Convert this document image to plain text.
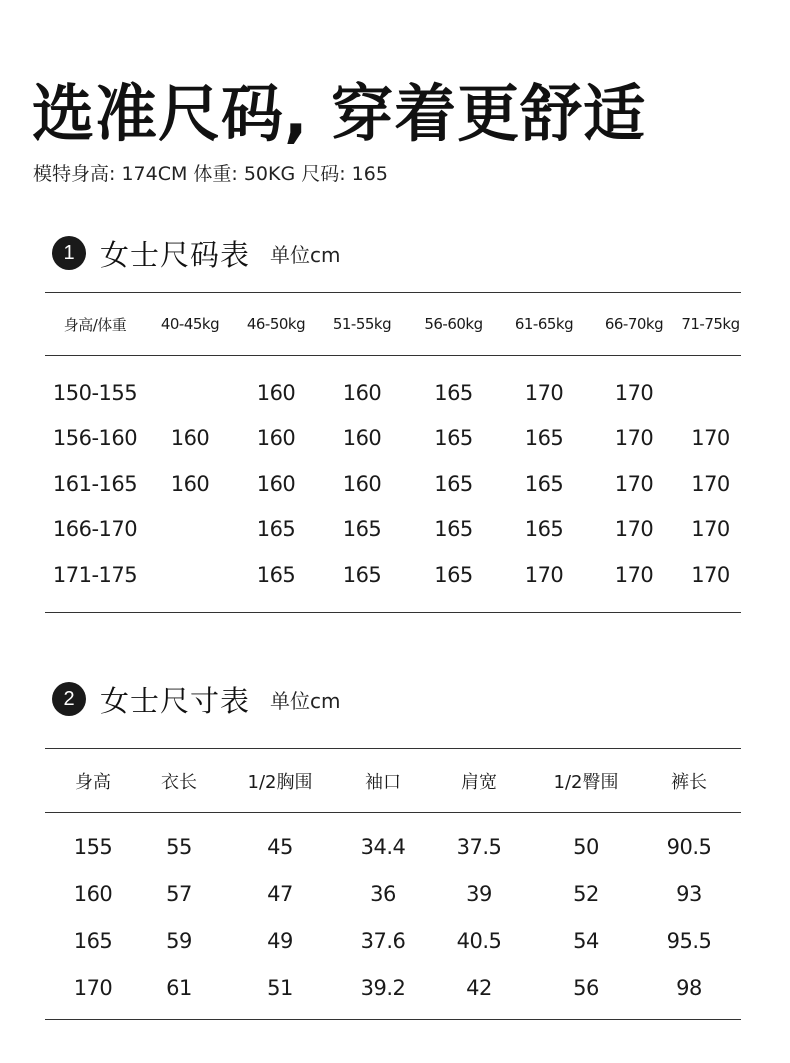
选准尺码, 穿着更舒适
模特身高: 174CM 体重: 50KG 尺码: 165
1 女士尺码表 单位cm
身高/体重	40-45kg	46-50kg	51-55kg	56-60kg	61-65kg	66-70kg	71-75kg
150-155		160	160	165	170	170	
156-160	160	160	160	165	165	170	170
161-165	160	160	160	165	165	170	170
166-170		165	165	165	165	170	170
171-175		165	165	165	170	170	170
2 女士尺寸表 单位cm
身高	衣长	1/2胸围	袖口	肩宽	1/2臀围	裤长
155	55	45	34.4	37.5	50	90.5
160	57	47	36	39	52	93
165	59	49	37.6	40.5	54	95.5
170	61	51	39.2	42	56	98
